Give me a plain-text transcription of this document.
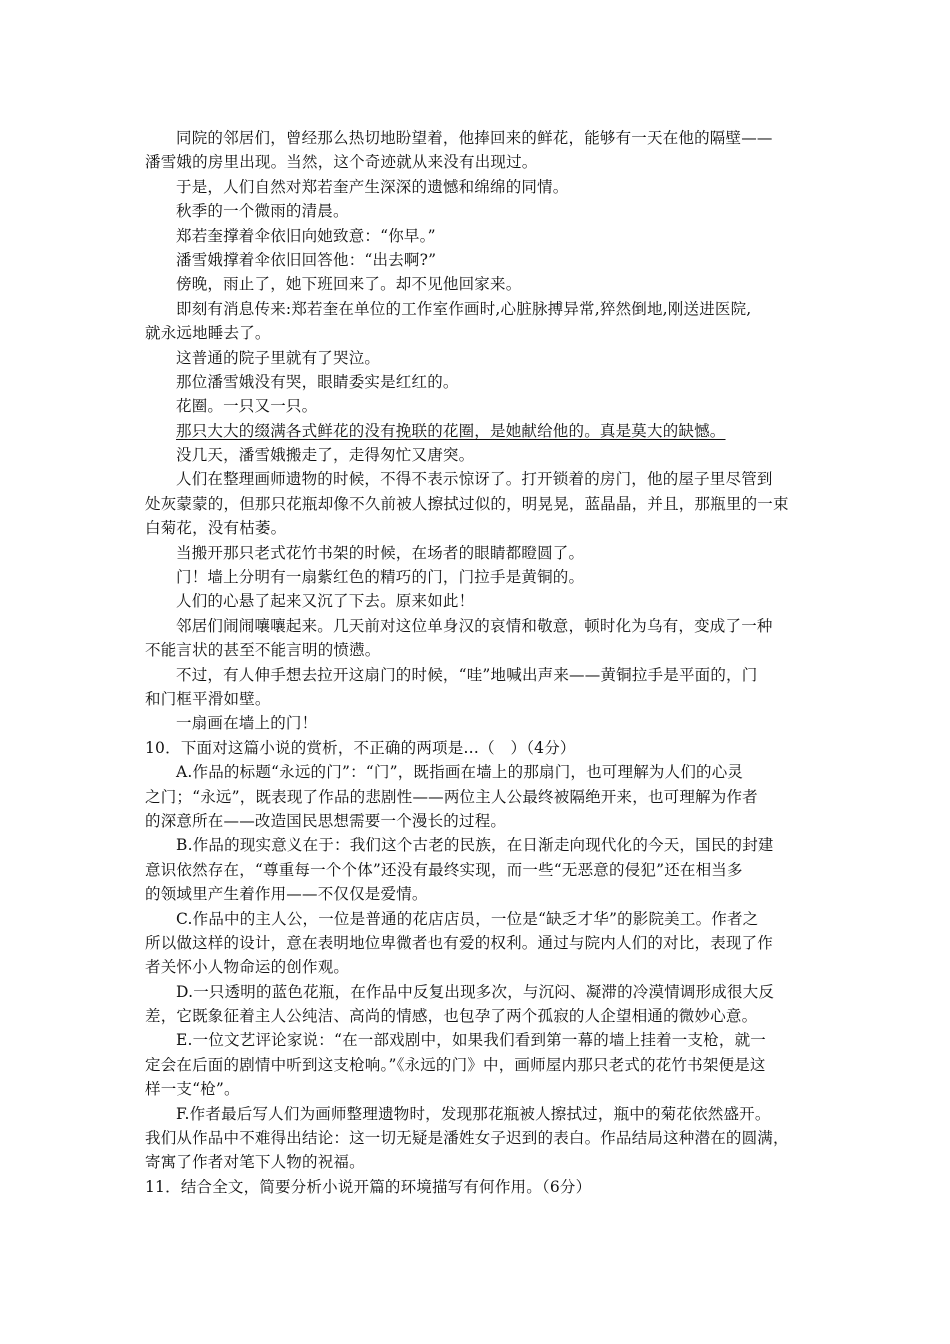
同院的邻居们，曾经那么热切地盼望着，他捧回来的鲜花，能够有一天在他的隔壁——
潘雪娥的房里出现。当然，这个奇迹就从来没有出现过。
于是，人们自然对郑若奎产生深深的遗憾和绵绵的同情。
秋季的一个微雨的清晨。
郑若奎撑着伞依旧向她致意：“你早。”
潘雪娥撑着伞依旧回答他：“出去啊?”
傍晚，雨止了，她下班回来了。却不见他回家来。
即刻有消息传来:郑若奎在单位的工作室作画时,心脏脉搏异常,猝然倒地,刚送进医院,
就永远地睡去了。
这普通的院子里就有了哭泣。
那位潘雪娥没有哭，眼睛委实是红红的。
花圈。一只又一只。
那只大大的缀满各式鲜花的没有挽联的花圈，是她献给他的。真是莫大的缺憾。
没几天，潘雪娥搬走了，走得匆忙又唐突。
人们在整理画师遗物的时候，不得不表示惊讶了。打开锁着的房门，他的屋子里尽管到
处灰蒙蒙的，但那只花瓶却像不久前被人擦拭过似的，明晃晃，蓝晶晶，并且，那瓶里的一束
白菊花，没有枯萎。
当搬开那只老式花竹书架的时候，在场者的眼睛都瞪圆了。
门！墙上分明有一扇紫红色的精巧的门，门拉手是黄铜的。
人们的心悬了起来又沉了下去。原来如此！
邻居们闹闹嚷嚷起来。几天前对这位单身汉的哀情和敬意，顿时化为乌有，变成了一种
不能言状的甚至不能言明的愤懑。
不过，有人伸手想去拉开这扇门的时候，“哇”地喊出声来——黄铜拉手是平面的，门
和门框平滑如壁。
一扇画在墙上的门！
10．下面对这篇小说的赏析，不正确的两项是…（　）（4分）
A.作品的标题“永远的门”：“门”，既指画在墙上的那扇门，也可理解为人们的心灵
之门；“永远”，既表现了作品的悲剧性——两位主人公最终被隔绝开来，也可理解为作者
的深意所在——改造国民思想需要一个漫长的过程。
B.作品的现实意义在于：我们这个古老的民族，在日渐走向现代化的今天，国民的封建
意识依然存在，“尊重每一个个体”还没有最终实现，而一些“无恶意的侵犯”还在相当多
的领域里产生着作用——不仅仅是爱情。
C.作品中的主人公，一位是普通的花店店员，一位是“缺乏才华”的影院美工。作者之
所以做这样的设计，意在表明地位卑微者也有爱的权利。通过与院内人们的对比，表现了作
者关怀小人物命运的创作观。
D.一只透明的蓝色花瓶，在作品中反复出现多次，与沉闷、凝滞的冷漠情调形成很大反
差，它既象征着主人公纯洁、高尚的情感，也包孕了两个孤寂的人企望相通的微妙心意。
E.一位文艺评论家说：“在一部戏剧中，如果我们看到第一幕的墙上挂着一支枪，就一
定会在后面的剧情中听到这支枪响。”《永远的门》中，画师屋内那只老式的花竹书架便是这
样一支“枪”。
F.作者最后写人们为画师整理遗物时，发现那花瓶被人擦拭过，瓶中的菊花依然盛开。
我们从作品中不难得出结论：这一切无疑是潘姓女子迟到的表白。作品结局这种潜在的圆满，
寄寓了作者对笔下人物的祝福。
11．结合全文，简要分析小说开篇的环境描写有何作用。（6分）
